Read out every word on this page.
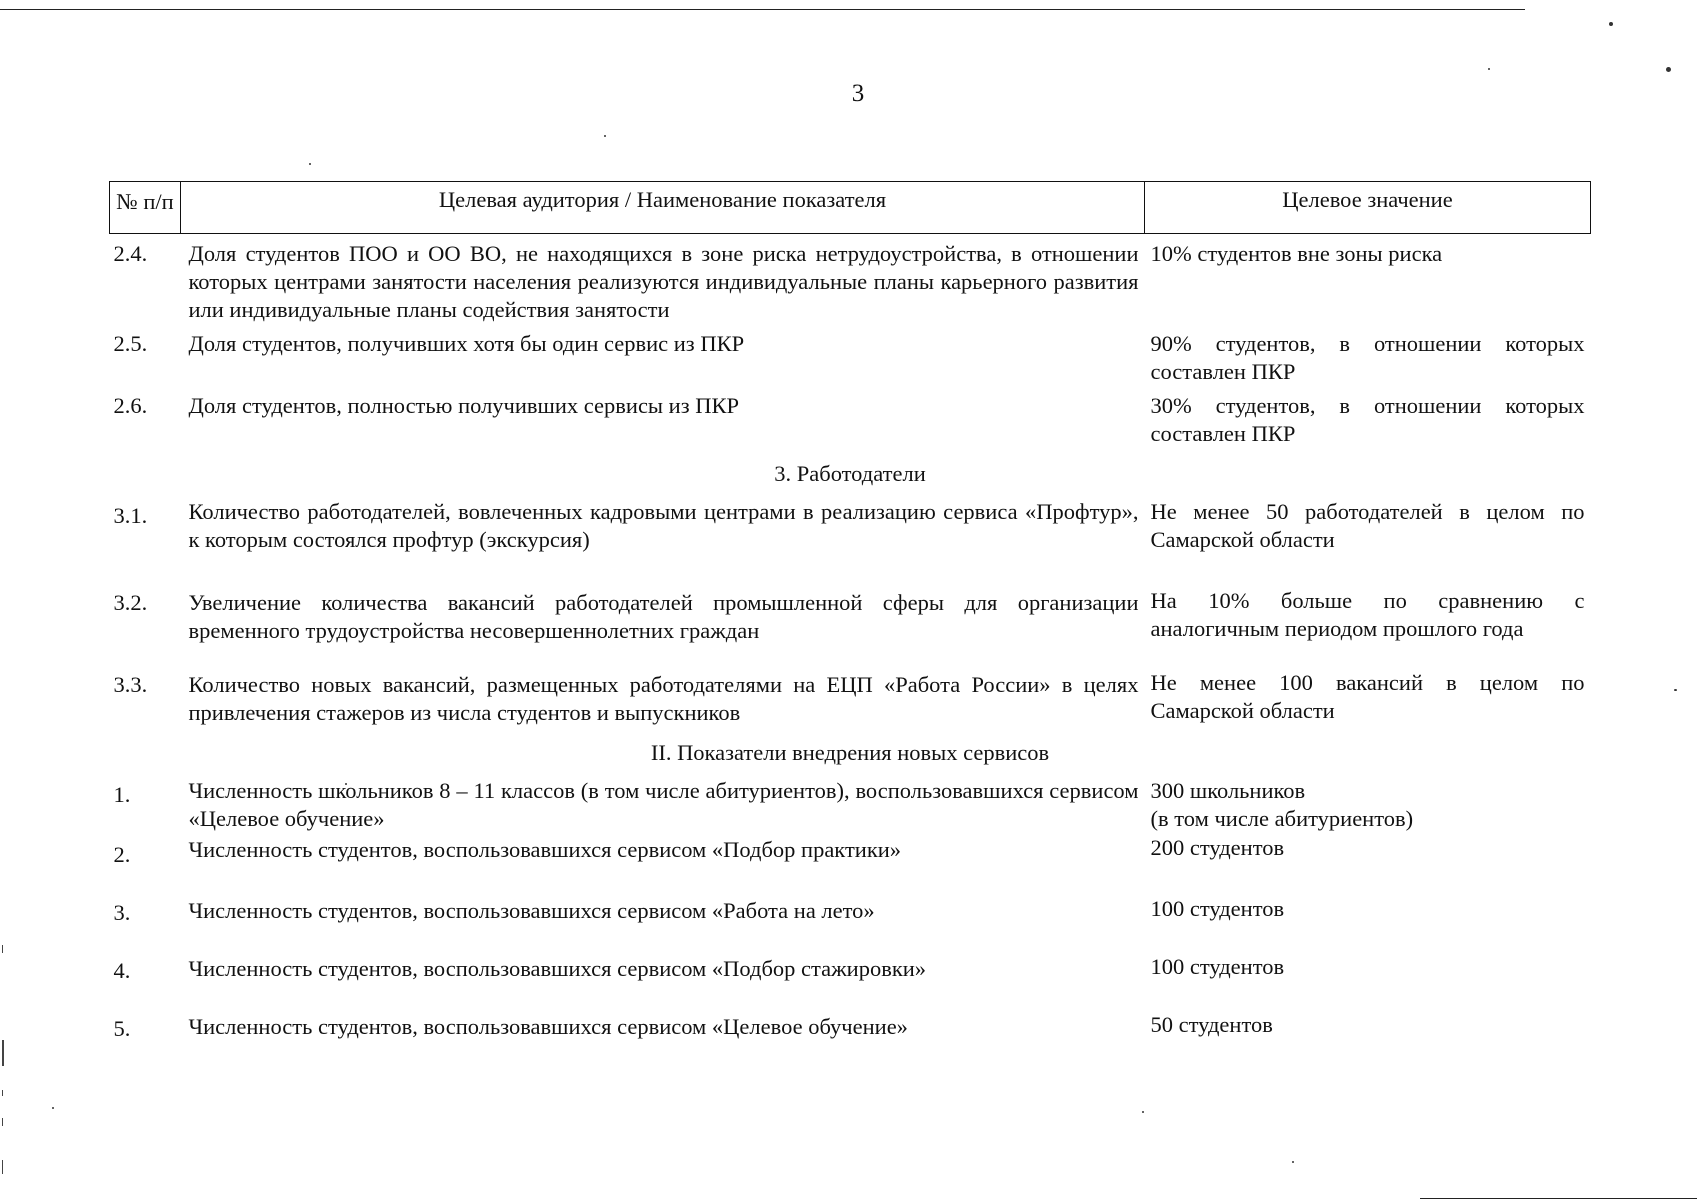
3
№ п/п	Целевая аудитория / Наименование показателя	Целевое значение
2.4.	Доля студентов ПОО и ОО ВО, не находящихся в зоне риска нетрудоустройства, в отношении которых центрами занятости населения реализуются индивидуальные планы карьерного развития или индивидуальные планы содействия занятости	10% студентов вне зоны риска
2.5.	Доля студентов, получивших хотя бы один сервис из ПКР	90% студентов, в отношении которых составлен ПКР
2.6.	Доля студентов, полностью получивших сервисы из ПКР	30% студентов, в отношении которых составлен ПКР
3. Работодатели		
3.1.	Количество работодателей, вовлеченных кадровыми центрами в реализацию сервиса «Профтур», к которым состоялся профтур (экскурсия)	Не менее 50 работодателей в целом по Самарской области
3.2.	Увеличение количества вакансий работодателей промышленной сферы для организации временного трудоустройства несовершеннолетних граждан	На 10% больше по сравнению с аналогичным периодом прошлого года
3.3.	Количество новых вакансий, размещенных работодателями на ЕЦП «Работа России» в целях привлечения стажеров из числа студентов и выпускников	Не менее 100 вакансий в целом по Самарской области
II. Показатели внедрения новых сервисов		
1.	Численность школьников 8 – 11 классов (в том числе абитуриентов), воспользовавшихся сервисом «Целевое обучение»	300 школьников
(в том числе абитуриентов)

2.	Численность студентов, воспользовавшихся сервисом «Подбор практики»	200 студентов
3.	Численность студентов, воспользовавшихся сервисом «Работа на лето»	100 студентов
4.	Численность студентов, воспользовавшихся сервисом «Подбор стажировки»	100 студентов
5.	Численность студентов, воспользовавшихся сервисом «Целевое обучение»	50 студентов
